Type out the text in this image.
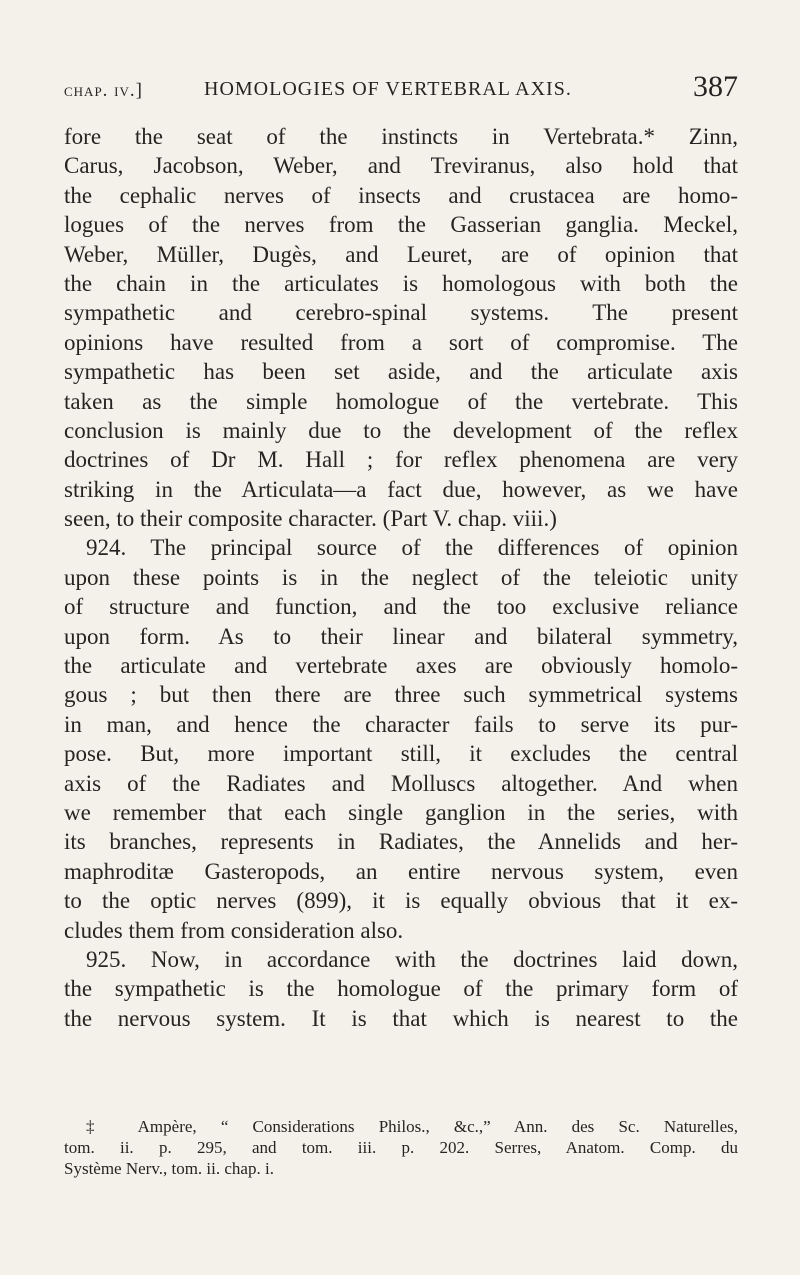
chap. iv.]	HOMOLOGIES OF VERTEBRAL AXIS.	387
fore the seat of the instincts in Vertebrata.* Zinn,
Carus, Jacobson, Weber, and Treviranus, also hold that
the cephalic nerves of insects and crustacea are homo-
logues of the nerves from the Gasserian ganglia. Meckel,
Weber, Müller, Dugès, and Leuret, are of opinion that
the chain in the articulates is homologous with both the
sympathetic and cerebro-spinal systems. The present
opinions have resulted from a sort of compromise. The
sympathetic has been set aside, and the articulate axis
taken as the simple homologue of the vertebrate. This
conclusion is mainly due to the development of the reflex
doctrines of Dr M. Hall ; for reflex phenomena are very
striking in the Articulata—a fact due, however, as we have
seen, to their composite character. (Part V. chap. viii.)
924. The principal source of the differences of opinion
upon these points is in the neglect of the teleiotic unity
of structure and function, and the too exclusive reliance
upon form. As to their linear and bilateral symmetry,
the articulate and vertebrate axes are obviously homolo-
gous ; but then there are three such symmetrical systems
in man, and hence the character fails to serve its pur-
pose. But, more important still, it excludes the central
axis of the Radiates and Molluscs altogether. And when
we remember that each single ganglion in the series, with
its branches, represents in Radiates, the Annelids and her-
maphroditæ Gasteropods, an entire nervous system, even
to the optic nerves (899), it is equally obvious that it ex-
cludes them from consideration also.
925. Now, in accordance with the doctrines laid down,
the sympathetic is the homologue of the primary form of
the nervous system. It is that which is nearest to the
‡ Ampère, “ Considerations Philos., &c.,” Ann. des Sc. Naturelles,
tom. ii. p. 295, and tom. iii. p. 202. Serres, Anatom. Comp. du
Système Nerv., tom. ii. chap. i.
